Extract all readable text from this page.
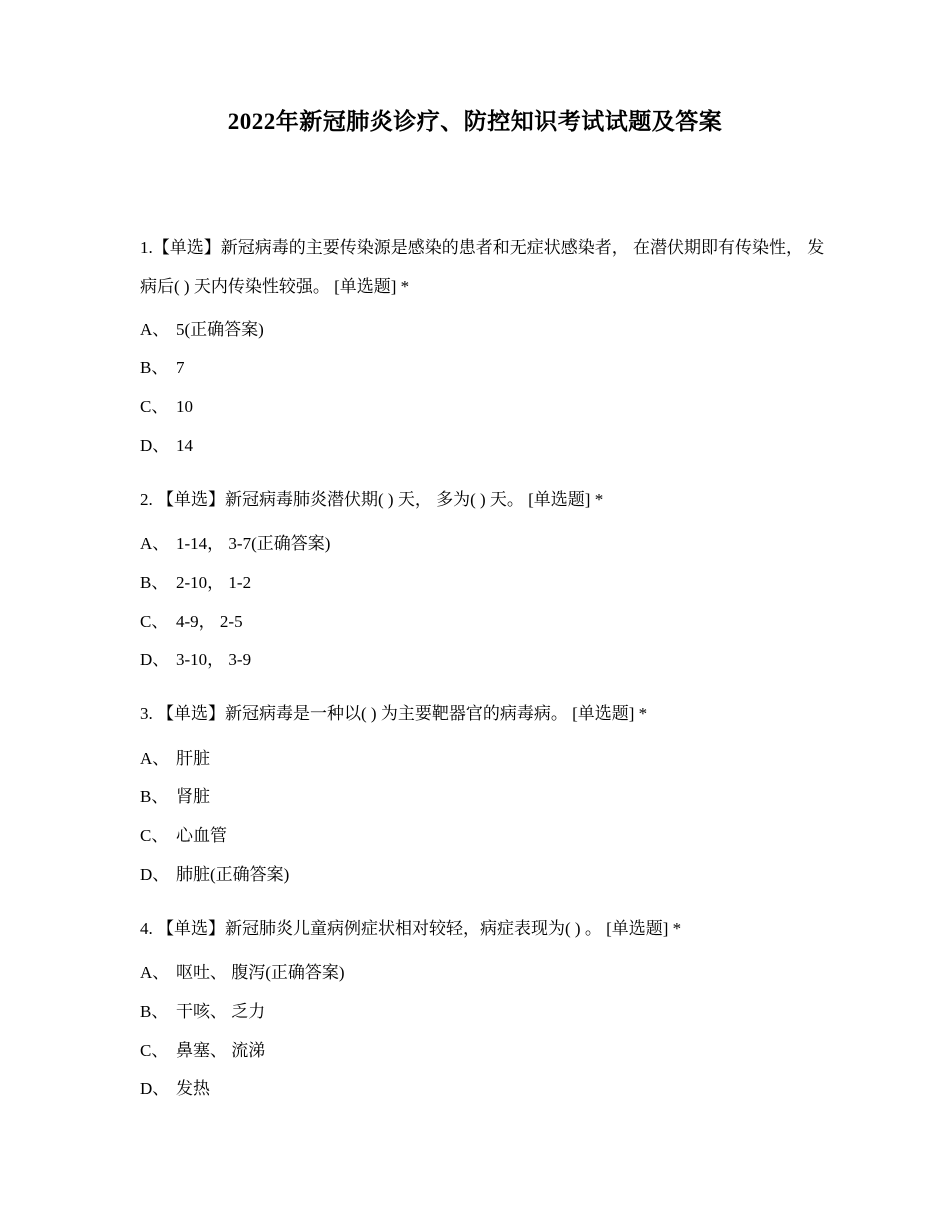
2022年新冠肺炎诊疗、防控知识考试试题及答案

1.【单选】新冠病毒的主要传染源是感染的患者和无症状感染者， 在潜伏期即有传染性， 发病后( ) 天内传染性较强。 [单选题] *

A、 5(正确答案)
B、 7
C、 10
D、 14

2. 【单选】新冠病毒肺炎潜伏期( ) 天， 多为( ) 天。 [单选题] *

A、 1-14， 3-7(正确答案)
B、 2-10， 1-2
C、 4-9， 2-5
D、 3-10， 3-9

3. 【单选】新冠病毒是一种以( ) 为主要靶器官的病毒病。 [单选题] *

A、 肝脏
B、 肾脏
C、 心血管
D、 肺脏(正确答案)

4. 【单选】新冠肺炎儿童病例症状相对较轻，病症表现为( ) 。 [单选题] *

A、 呕吐、 腹泻(正确答案)
B、 干咳、 乏力
C、 鼻塞、 流涕
D、 发热
